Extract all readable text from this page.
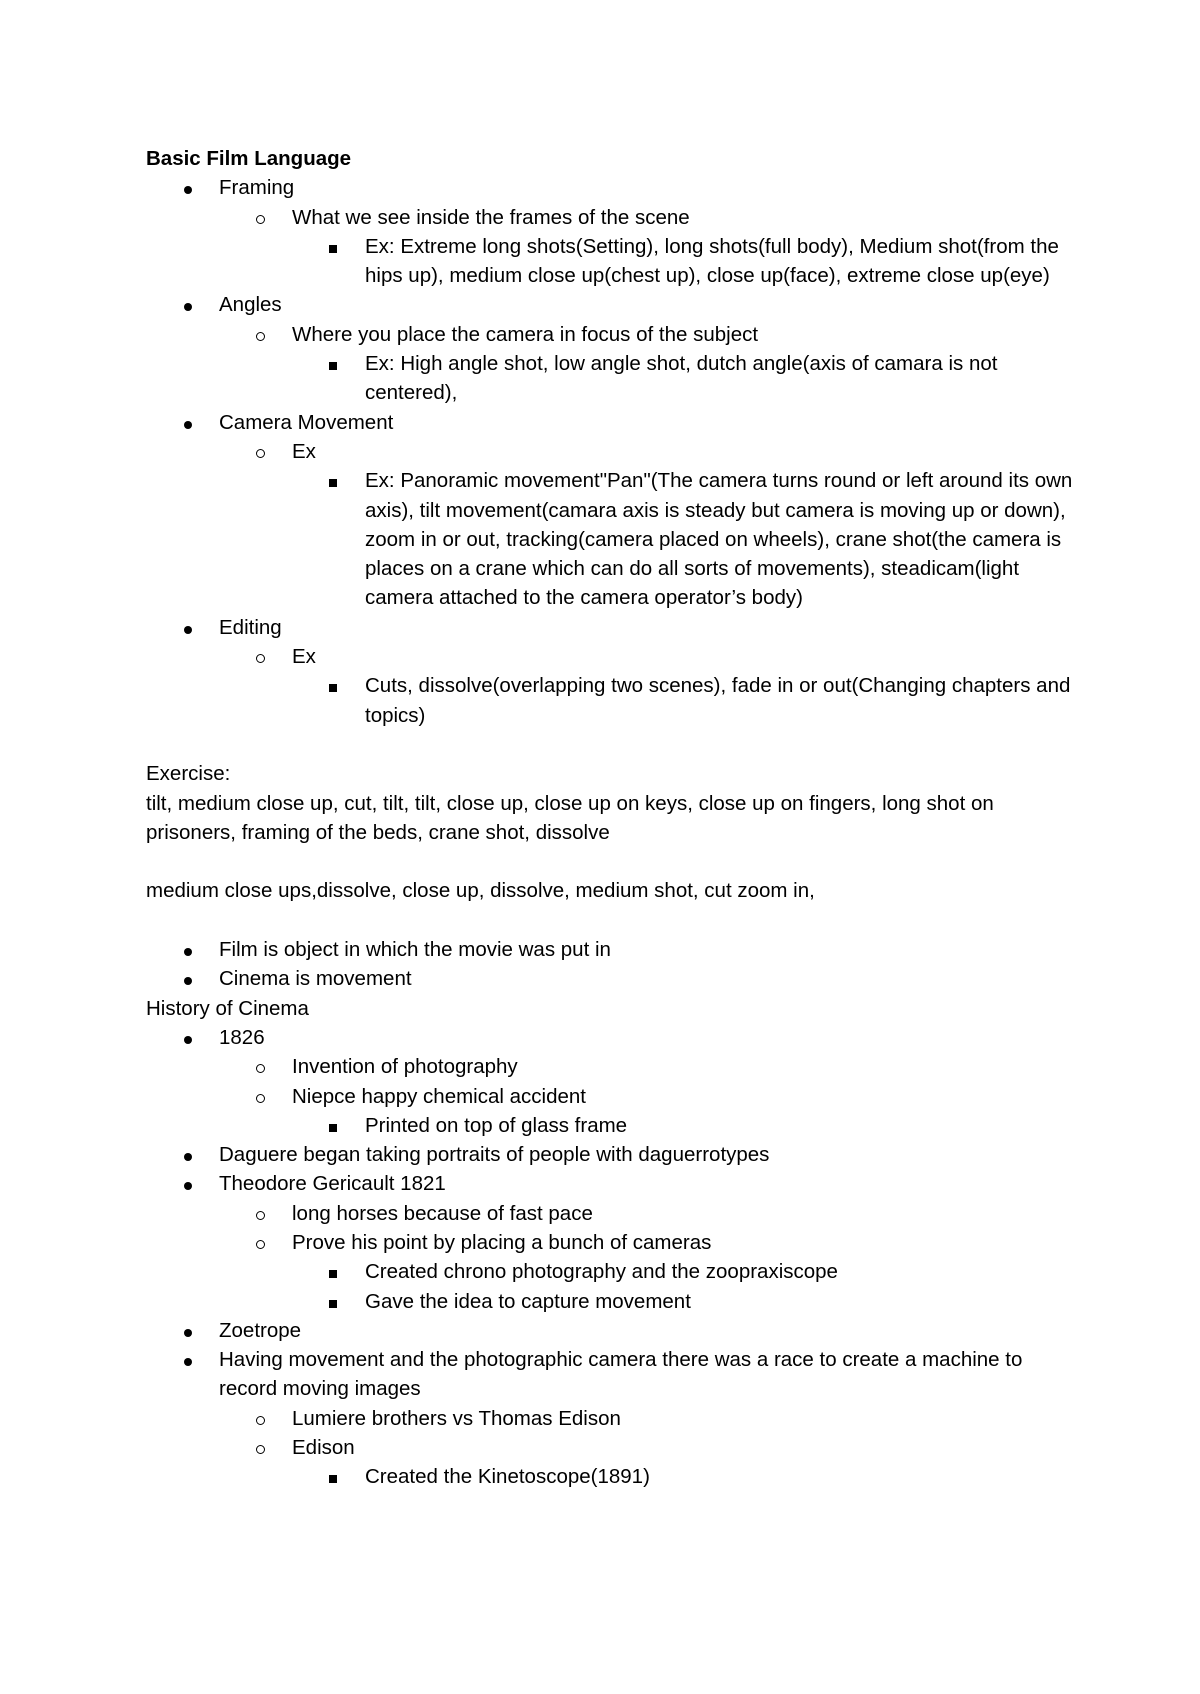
Basic Film Language
Framing
What we see inside the frames of the scene
Ex: Extreme long shots(Setting), long shots(full body), Medium shot(from the hips up), medium close up(chest up), close up(face), extreme close up(eye)
Angles
Where you place the camera in focus of the subject
Ex: High angle shot, low angle shot, dutch angle(axis of camara is not centered),
Camera Movement
Ex
Ex: Panoramic movement"Pan"(The camera turns round or left around its own axis), tilt movement(camara axis is steady but camera is moving up or down), zoom in or out, tracking(camera placed on wheels), crane shot(the camera is places on a crane which can do all sorts of movements), steadicam(light camera attached to the camera operator’s body)
Editing
Ex
Cuts, dissolve(overlapping two scenes), fade in or out(Changing chapters and topics)

Exercise:

tilt, medium close up, cut, tilt, tilt, close up, close up on keys, close up on fingers, long shot on prisoners, framing of the beds, crane shot, dissolve

medium close ups,dissolve, close up, dissolve, medium shot, cut zoom in,

Film is object in which the movie was put in
Cinema is movement

History of Cinema

1826
Invention of photography
Niepce happy chemical accident
Printed on top of glass frame
Daguere began taking portraits of people with daguerrotypes
Theodore Gericault 1821
long horses because of fast pace
Prove his point by placing a bunch of cameras
Created chrono photography and the zoopraxiscope
Gave the idea to capture movement
Zoetrope
Having movement and the photographic camera there was a race to create a machine to record moving images
Lumiere brothers vs Thomas Edison
Edison
Created the Kinetoscope(1891)
